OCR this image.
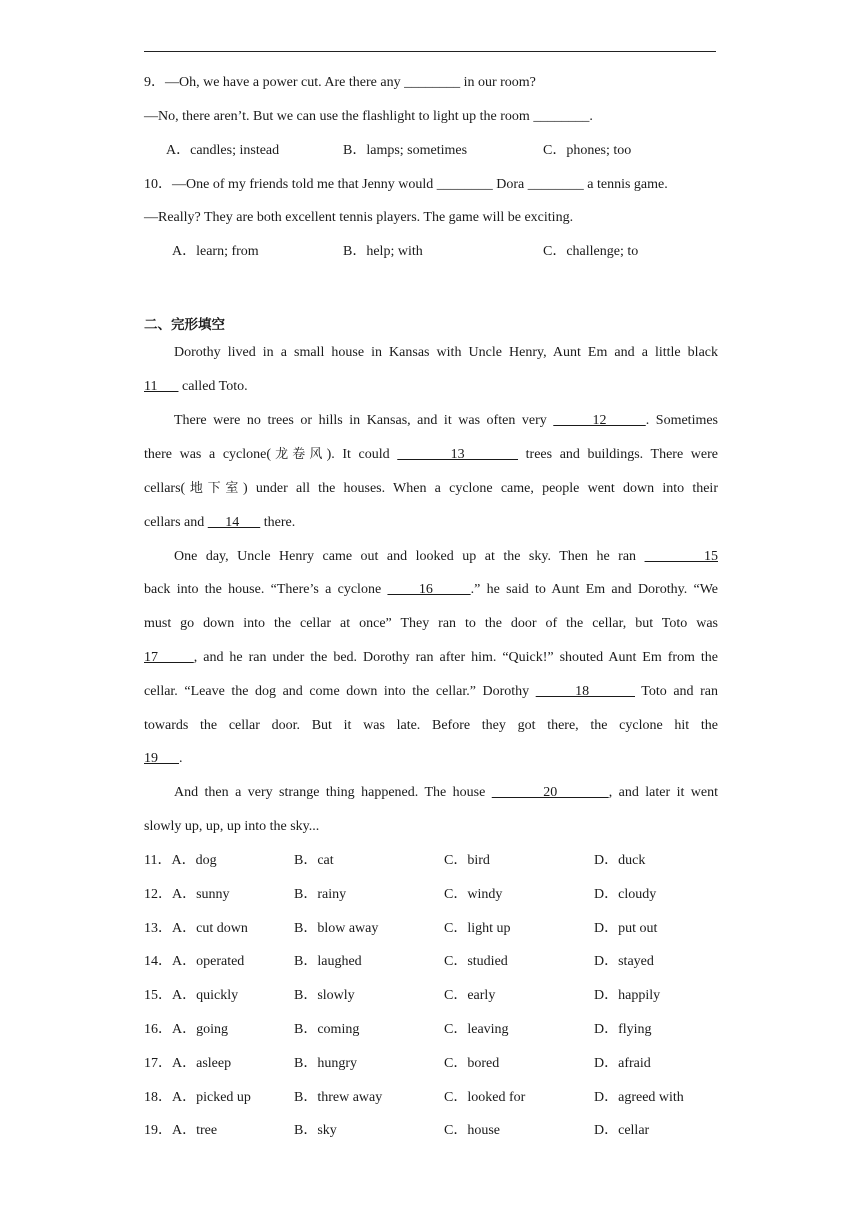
9．—Oh, we have a power cut. Are there any ________ in our room?
—No, there aren’t. But we can use the flashlight to light up the room ________.
A．candles; instead	B．lamps; sometimes	C．phones; too
10．—One of my friends told me that Jenny would ________ Dora ________ a tennis game.
—Really? They are both excellent tennis players. The game will be exciting.
A．learn; from	B．help; with	C．challenge; to
二、完形填空
Dorothy lived in a small house in Kansas with Uncle Henry, Aunt Em and a little black
11       called Toto.
There were no trees or hills in Kansas, and it was often very       12      . Sometimes
there was a cyclone(龙卷风). It could        13        trees and buildings. There were
cellars(地下室) under all the houses. When a cyclone came, people went down into their
cellars and      14       there.
One day, Uncle Henry came out and looked up at the sky. Then he ran        15
back into the house. “There’s a cyclone      16      .” he said to Aunt Em and Dorothy. “We
must go down into the cellar at once” They ran to the door of the cellar, but Toto was
17      , and he ran under the bed. Dorothy ran after him. “Quick!” shouted Aunt Em from the
cellar. “Leave the dog and come down into the cellar.” Dorothy       18        Toto and ran
towards the cellar door. But it was late. Before they got there, the cyclone hit the
19      .
And then a very strange thing happened. The house         20        , and later it went
slowly up, up, up into the sky...
11．A．dog	B．cat	C．bird	D．duck
12．A．sunny	B．rainy	C．windy	D．cloudy
13．A．cut down	B．blow away	C．light up	D．put out
14．A．operated	B．laughed	C．studied	D．stayed
15．A．quickly	B．slowly	C．early	D．happily
16．A．going	B．coming	C．leaving	D．flying
17．A．asleep	B．hungry	C．bored	D．afraid
18．A．picked up	B．threw away	C．looked for	D．agreed with
19．A．tree	B．sky	C．house	D．cellar
